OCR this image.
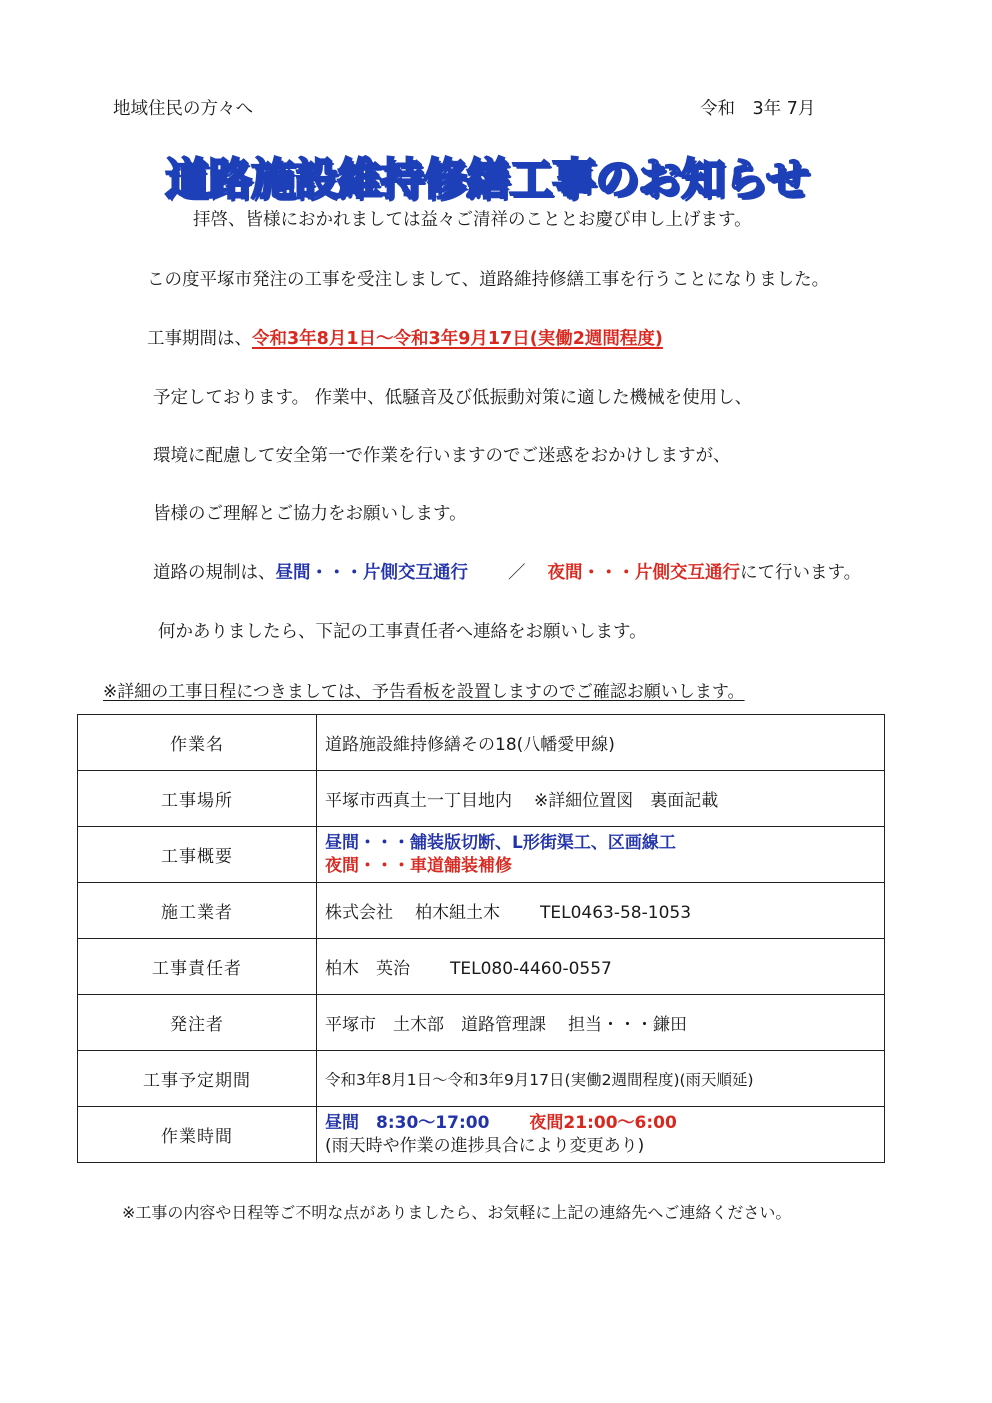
地域住民の方々へ	令和　3年 7月
道路施設維持修繕工事のお知らせ
拝啓、皆様におかれましては益々ご清祥のこととお慶び申し上げます。
この度平塚市発注の工事を受注しまして、道路維持修繕工事を行うことになりました。
工事期間は、令和3年8月1日～令和3年9月17日(実働2週間程度)
予定しております。 作業中、低騒音及び低振動対策に適した機械を使用し、
環境に配慮して安全第一で作業を行いますのでご迷惑をおかけしますが、
皆様のご理解とご協力をお願いします。
道路の規制は、昼間・・・片側交互通行 ／ 夜間・・・片側交互通行にて行います。
何かありましたら、下記の工事責任者へ連絡をお願いします。
※詳細の工事日程につきましては、予告看板を設置しますのでご確認お願いします。
作業名	道路施設維持修繕その18(八幡愛甲線)
工事場所	平塚市西真土一丁目地内 ※詳細位置図　裏面記載
工事概要	昼間・・・舗装版切断、L形街渠工、区画線工
夜間・・・車道舗装補修

施工業者	株式会社 柏木組土木 TEL0463-58-1053
工事責任者	柏木　英治 TEL080-4460-0557
発注者	平塚市　土木部　道路管理課 担当・・・鎌田
工事予定期間	令和3年8月1日～令和3年9月17日(実働2週間程度)(雨天順延)
作業時間	昼間　8:30～17:00 夜間21:00～6:00
(雨天時や作業の進捗具合により変更あり)
※工事の内容や日程等ご不明な点がありましたら、お気軽に上記の連絡先へご連絡ください。
